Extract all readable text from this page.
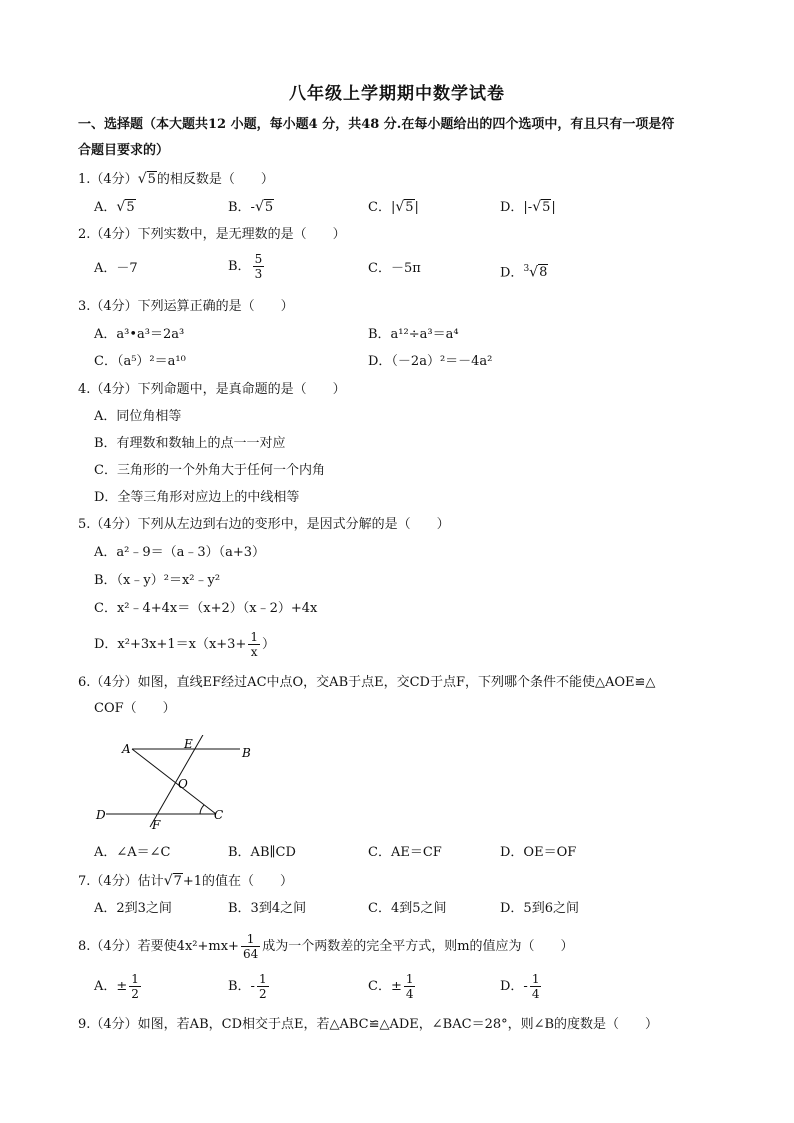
八年级上学期期中数学试卷
一、选择题（本大题共12 小题，每小题4 分，共48 分.在每小题给出的四个选项中，有且只有一项是符
合题目要求的）
1.（4分）√5的相反数是（　　）
A．√5	B．-√5	C．|√5|	D．|-√5|
2.（4分）下列实数中，是无理数的是（　　）
A．－7	B． $\frac{5}{3}$	C．－5π	D．$^3$√8
3.（4分）下列运算正确的是（　　）
A．a³•a³＝2a³	B．a¹²÷a³＝a⁴
C．（a⁵）²＝a¹⁰	D．（－2a）²＝－4a²
4.（4分）下列命题中，是真命题的是（　　）
A．同位角相等
B．有理数和数轴上的点一一对应
C．三角形的一个外角大于任何一个内角
D．全等三角形对应边上的中线相等
5.（4分）下列从左边到右边的变形中，是因式分解的是（　　）
A．a²﹣9＝（a﹣3）（a+3）
B．（x﹣y）²＝x²﹣y²
C．x²﹣4+4x＝（x+2）（x﹣2）+4x
D．$x^2+3x+1=x(x+3+ \frac{1}{x}$ ）
6.（4分）如图，直线EF经过AC中点O，交AB于点E，交CD于点F，下列哪个条件不能使△AOE≌△
COF（　　）
A	E
B
O
D
F
C
A．∠A＝∠C	B．AB∥CD	C．AE＝CF	D．OE＝OF
7.（4分）估计√7+1的值在（　　）
A．2到3之间	B．3到4之间	C．4到5之间	D．5到6之间
8.（4分）若要使$4x^2+mx+ \frac{1}{64}$ 成为一个两数差的完全平方式，则m的值应为（　　）
A．± $\frac{1}{2}$	B．- $\frac{1}{2}$	C．± $\frac{1}{4}$	D．- $\frac{1}{4}$
9.（4分）如图，若AB，CD相交于点E，若△ABC≌△ADE，∠BAC＝28°，则∠B的度数是（　　）
